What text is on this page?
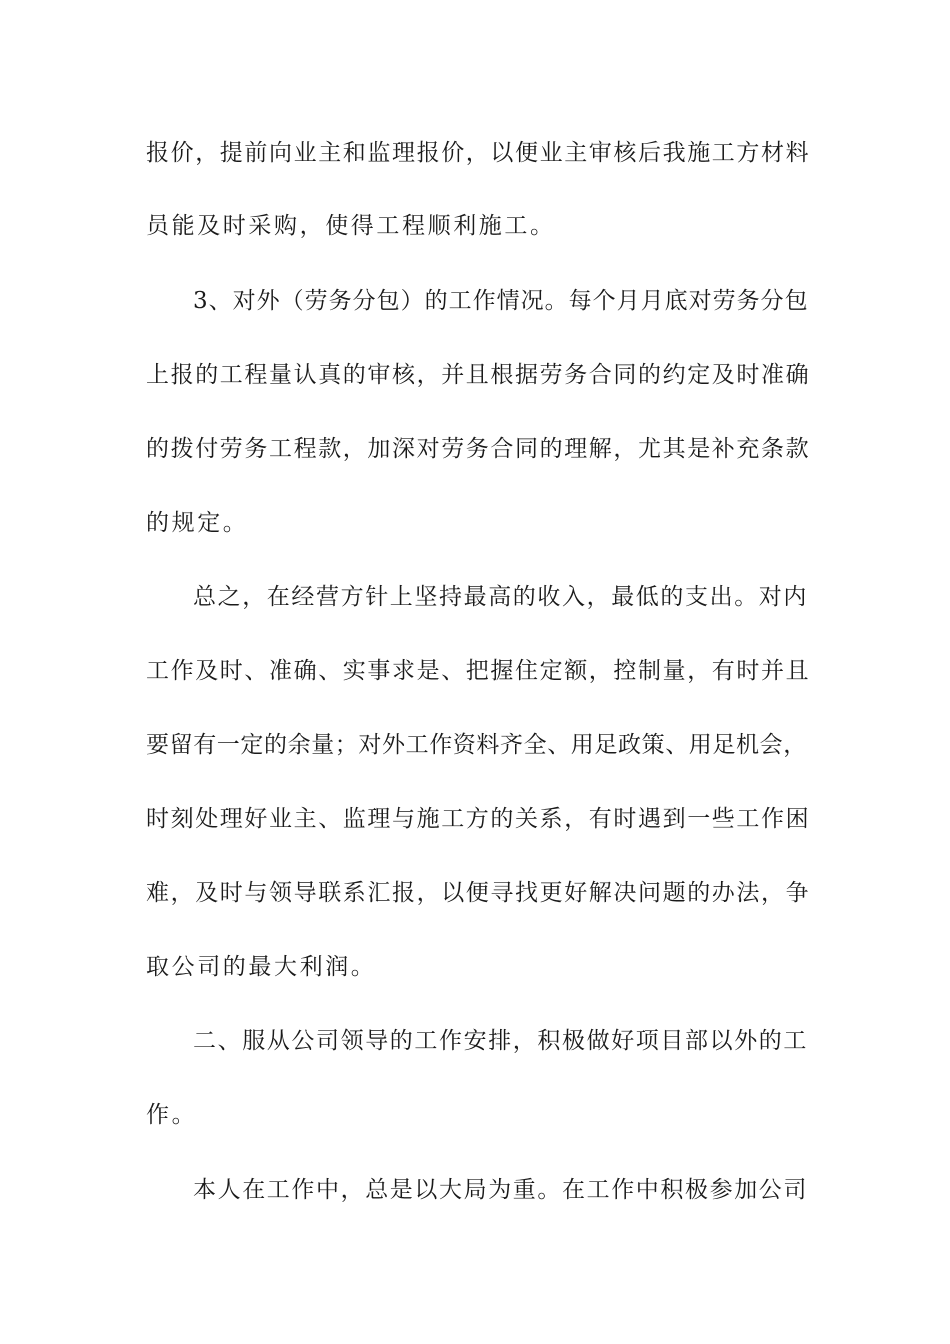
报价，提前向业主和监理报价，以便业主审核后我施工方材料
员能及时采购，使得工程顺利施工。
3、对外（劳务分包）的工作情况。每个月月底对劳务分包
上报的工程量认真的审核，并且根据劳务合同的约定及时准确
的拨付劳务工程款，加深对劳务合同的理解，尤其是补充条款
的规定。
总之，在经营方针上坚持最高的收入，最低的支出。对内
工作及时、准确、实事求是、把握住定额，控制量，有时并且
要留有一定的余量；对外工作资料齐全、用足政策、用足机会，
时刻处理好业主、监理与施工方的关系，有时遇到一些工作困
难，及时与领导联系汇报，以便寻找更好解决问题的办法，争
取公司的最大利润。
二、服从公司领导的工作安排，积极做好项目部以外的工
作。
本人在工作中，总是以大局为重。在工作中积极参加公司
